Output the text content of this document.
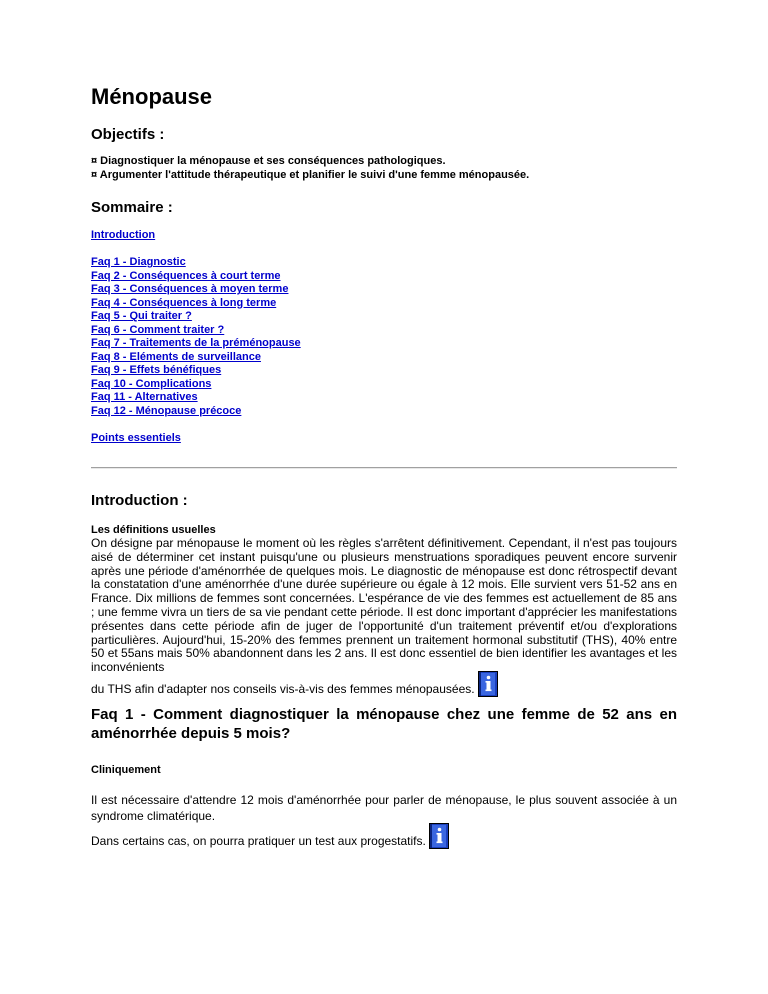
Ménopause
Objectifs :
¤ Diagnostiquer la ménopause et ses conséquences pathologiques.
¤ Argumenter l'attitude thérapeutique et planifier le suivi d'une femme ménopausée.
Sommaire :
Introduction
Faq 1 - Diagnostic
Faq 2 - Conséquences à court terme
Faq 3 - Conséquences à moyen terme
Faq 4 - Conséquences à long terme
Faq 5 - Qui traiter ?
Faq 6 - Comment traiter ?
Faq 7 - Traitements de la préménopause
Faq 8 - Eléments de surveillance
Faq 9 - Effets bénéfiques
Faq 10 - Complications
Faq 11 - Alternatives
Faq 12 - Ménopause précoce
Points essentiels
Introduction :
Les définitions usuelles
On désigne par ménopause le moment où les règles s'arrêtent définitivement. Cependant, il n'est pas toujours aisé de déterminer cet instant puisqu'une ou plusieurs menstruations sporadiques peuvent encore survenir après une période d'aménorrhée de quelques mois. Le diagnostic de ménopause est donc rétrospectif devant la constatation d'une aménorrhée d'une durée supérieure ou égale à 12 mois. Elle survient vers 51-52 ans en France. Dix millions de femmes sont concernées. L'espérance de vie des femmes est actuellement de 85 ans ; une femme vivra un tiers de sa vie pendant cette période. Il est donc important d'apprécier les manifestations présentes dans cette période afin de juger de l'opportunité d'un traitement préventif et/ou d'explorations particulières. Aujourd'hui, 15-20% des femmes prennent un traitement hormonal substitutif (THS), 40% entre 50 et 55ans mais 50% abandonnent dans les 2 ans. Il est donc essentiel de bien identifier les avantages et les inconvénients
du THS afin d'adapter nos conseils vis-à-vis des femmes ménopausées.
Faq 1 - Comment diagnostiquer la ménopause chez une femme de 52 ans en aménorrhée depuis 5 mois?
Cliniquement
Il est nécessaire d'attendre 12 mois d'aménorrhée pour parler de ménopause, le plus souvent associée à un syndrome climatérique.
Dans certains cas, on pourra pratiquer un test aux progestatifs.
